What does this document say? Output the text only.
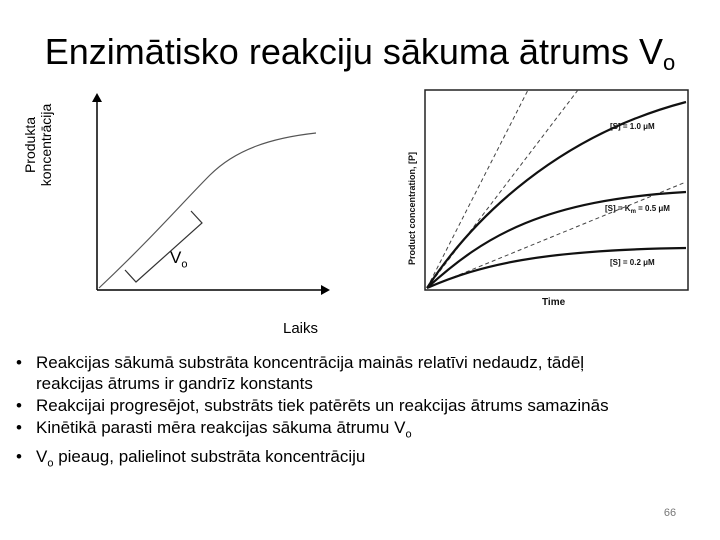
Enzimātisko reakciju sākuma ātrums $V_o$
Produkta koncentrācija
$V_o$
Laiks
Product concentration, [P]
[S] = 1.0 μM
$[S] = K_m = 0.5$ μM
[S] = 0.2 μM
Time
• Reakcijas sākumā substrāta koncentrācija mainās relatīvi nedaudz, tādēļ reakcijas ātrums ir gandrīz konstants
• Reakcijai progresējot, substrāts tiek patērēts un reakcijas ātrums samazinās
• Kinētikā parasti mēra reakcijas sākuma ātrumu $V_o$
• $V_o$ pieaug, palielinot substrāta koncentrāciju
66
